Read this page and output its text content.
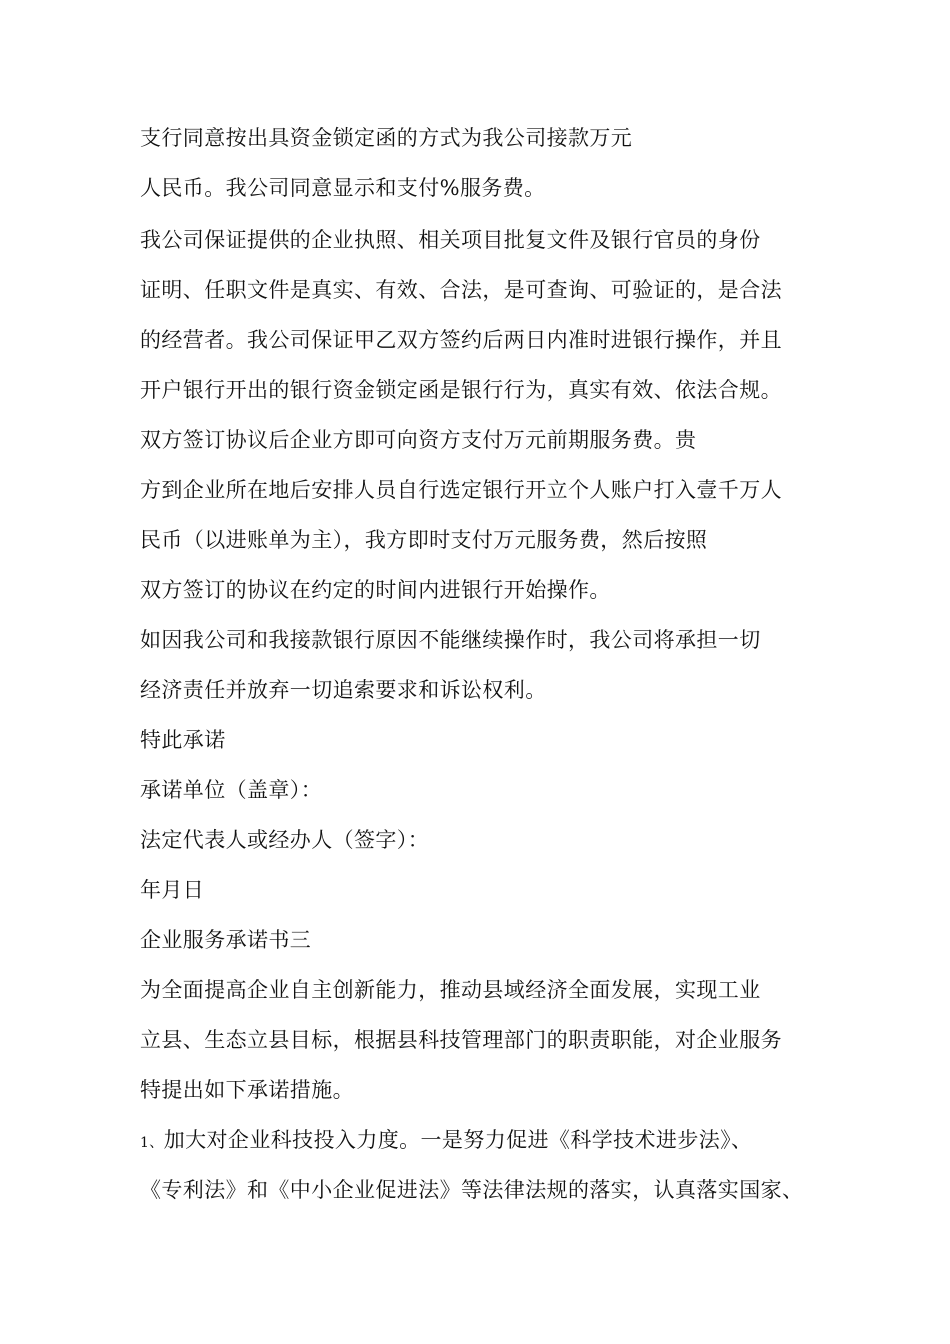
支行同意按出具资金锁定函的方式为我公司接款万元
人民币。我公司同意显示和支付%服务费。
我公司保证提供的企业执照、相关项目批复文件及银行官员的身份
证明、任职文件是真实、有效、合法，是可查询、可验证的，是合法
的经营者。我公司保证甲乙双方签约后两日内准时进银行操作，并且
开户银行开出的银行资金锁定函是银行行为，真实有效、依法合规。
双方签订协议后企业方即可向资方支付万元前期服务费。贵
方到企业所在地后安排人员自行选定银行开立个人账户打入壹千万人
民币（以进账单为主），我方即时支付万元服务费，然后按照
双方签订的协议在约定的时间内进银行开始操作。
如因我公司和我接款银行原因不能继续操作时，我公司将承担一切
经济责任并放弃一切追索要求和诉讼权利。
特此承诺
承诺单位（盖章）：
法定代表人或经办人（签字）：
年月日
企业服务承诺书三
为全面提高企业自主创新能力，推动县域经济全面发展，实现工业
立县、生态立县目标，根据县科技管理部门的职责职能，对企业服务
特提出如下承诺措施。
1、加大对企业科技投入力度。一是努力促进《科学技术进步法》、
《专利法》和《中小企业促进法》等法律法规的落实，认真落实国家、
